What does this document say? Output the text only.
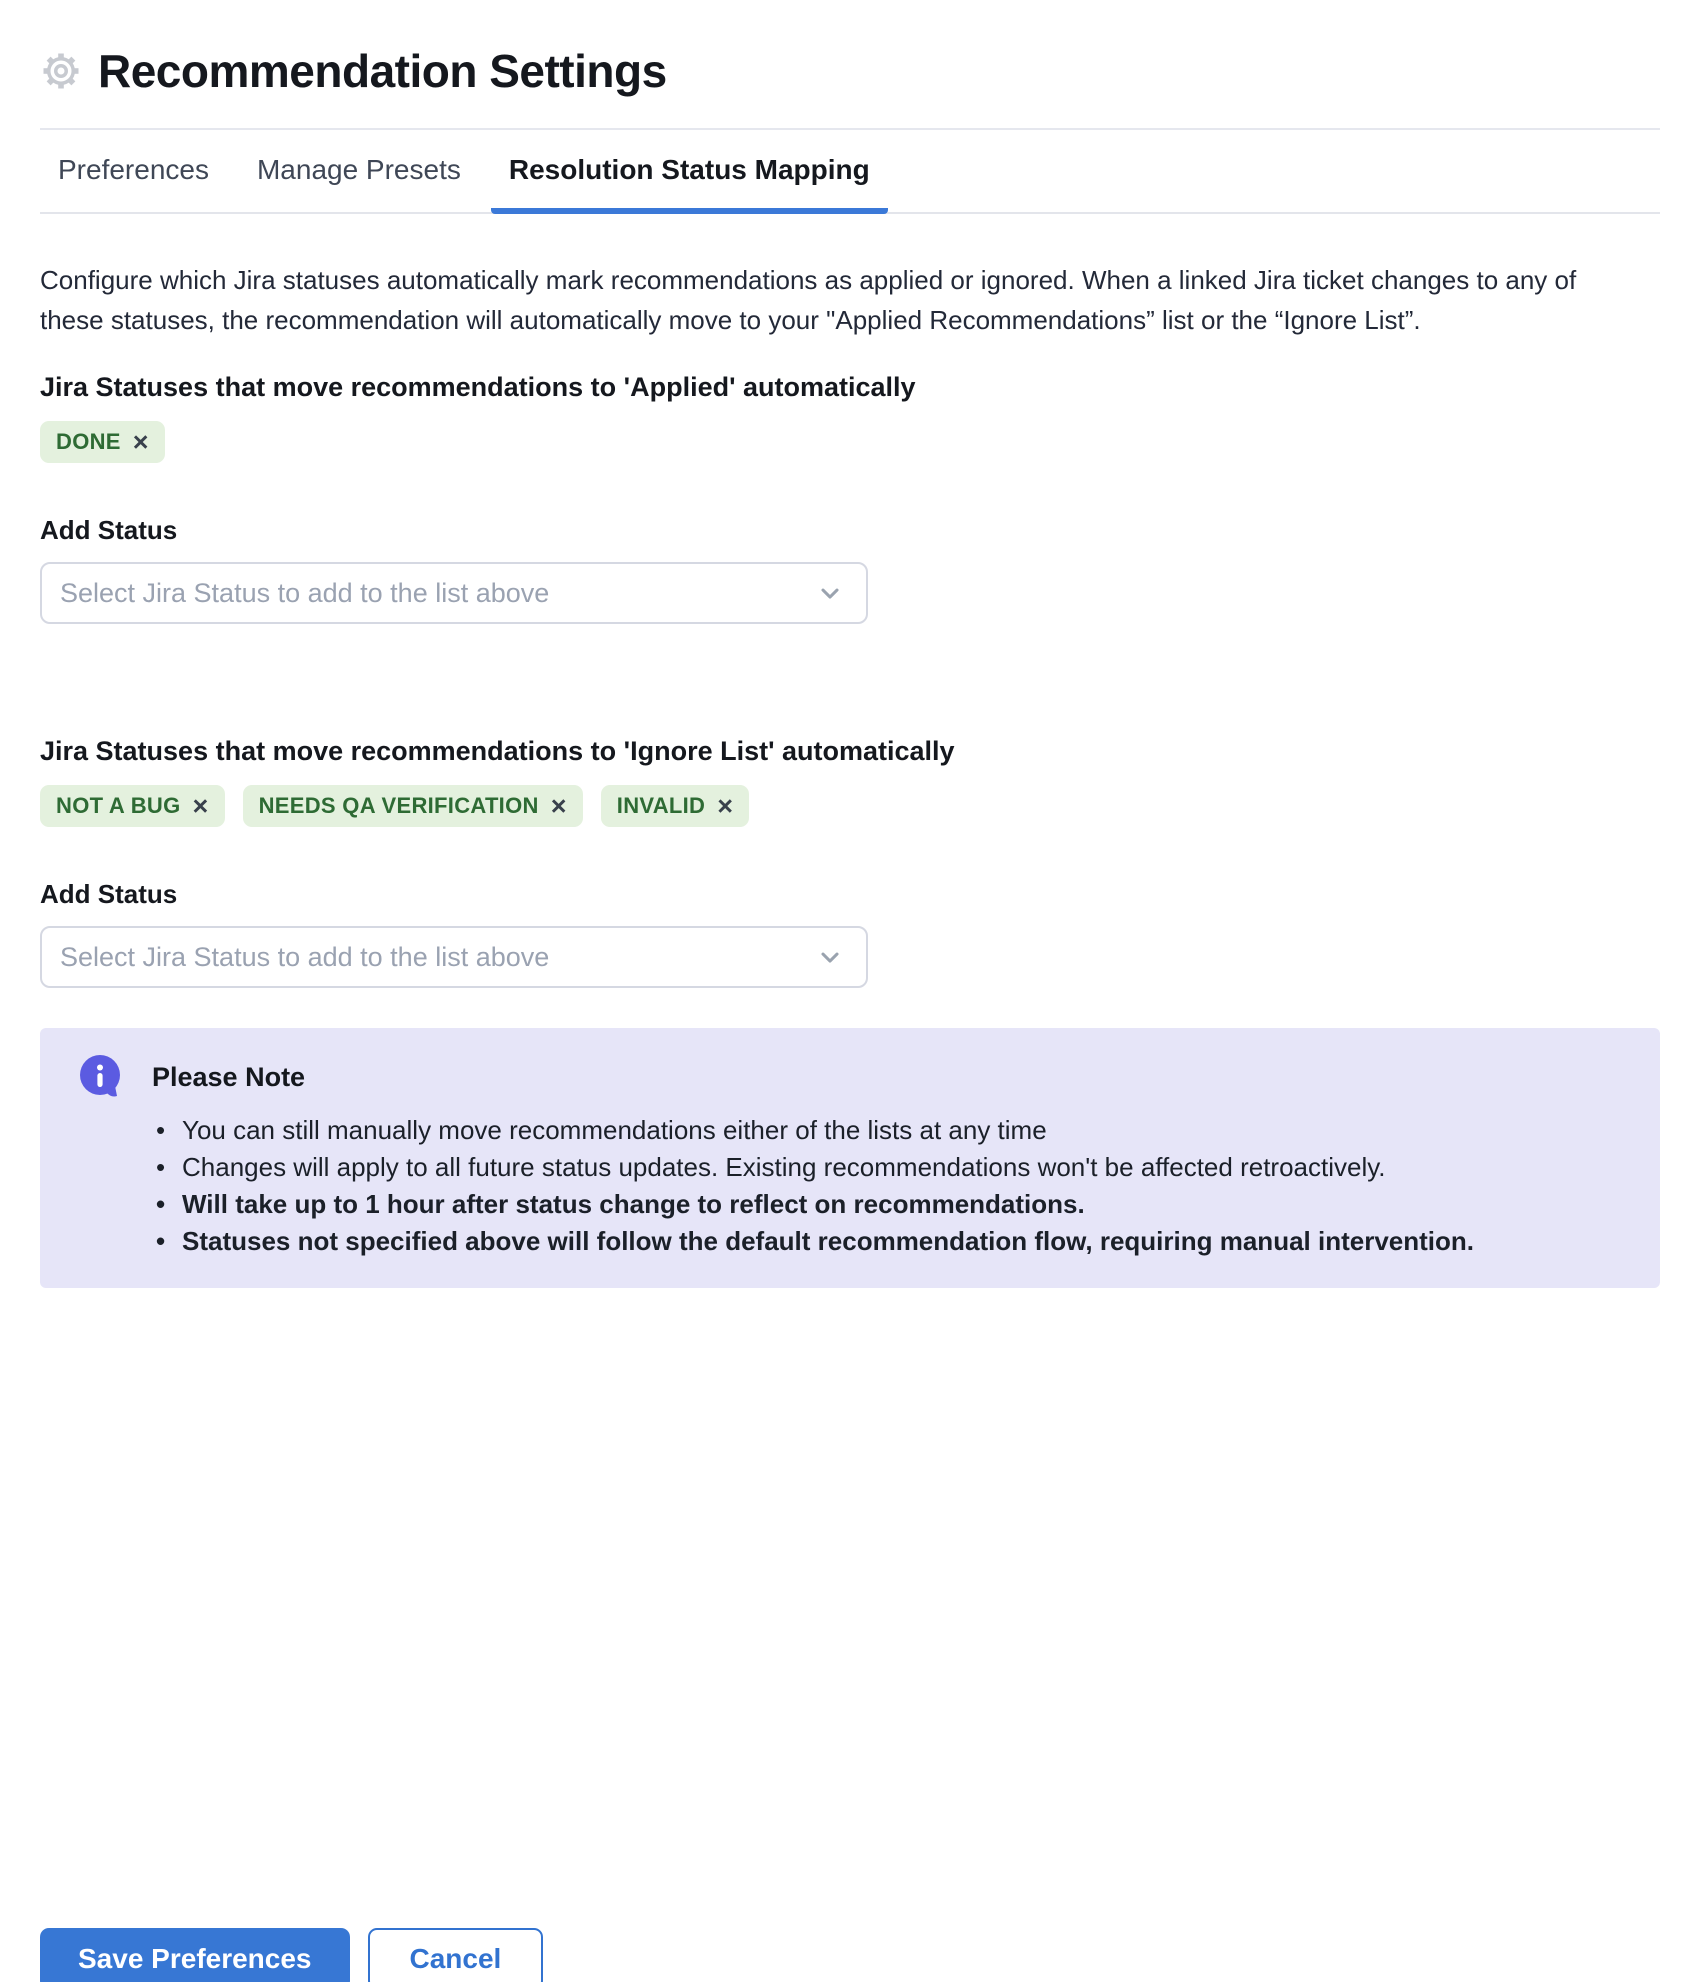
Recommendation Settings
Preferences	Manage Presets	Resolution Status Mapping

Configure which Jira statuses automatically mark recommendations as applied or ignored. When a linked Jira ticket changes to any of these statuses, the recommendation will automatically move to your "Applied Recommendations” list or the “Ignore List”.

Jira Statuses that move recommendations to 'Applied' automatically
DONE ×
Add Status
Select Jira Status to add to the list above
Jira Statuses that move recommendations to 'Ignore List' automatically
NOT A BUG × NEEDS QA VERIFICATION × INVALID ×
Add Status
Select Jira Status to add to the list above
Please Note
• You can still manually move recommendations either of the lists at any time
• Changes will apply to all future status updates. Existing recommendations won't be affected retroactively.
• Will take up to 1 hour after status change to reflect on recommendations.
• Statuses not specified above will follow the default recommendation flow, requiring manual intervention.
Save Preferences	Cancel
